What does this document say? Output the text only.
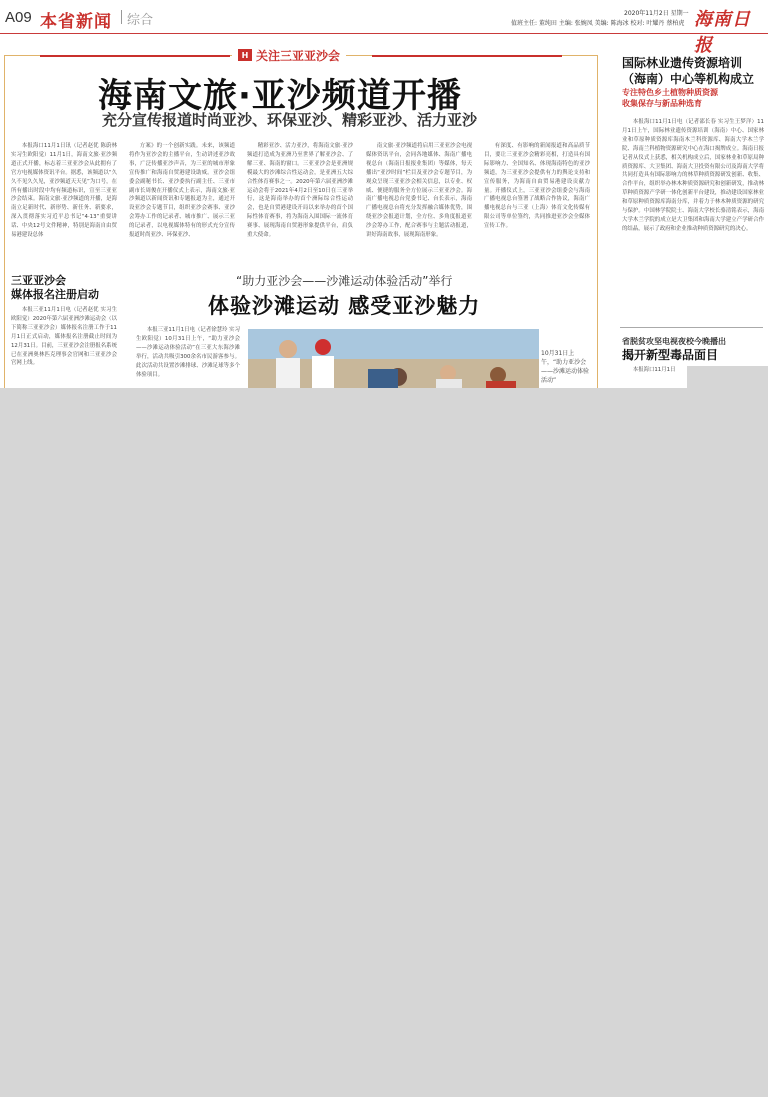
A09 本省新闻 综合	2020年11月2日 星期一
值班主任: 董纯田 主编: 张婉凤 美编: 陈海冰 校对: 叶耀丹 蔡柏虎 海南日报
H 关注三亚亚沙会
海南文旅·亚沙频道开播
充分宣传报道时尚亚沙、环保亚沙、精彩亚沙、活力亚沙

本报海口11月1日讯（记者赵优 陈蔚林 实习生欧阳觉）11月1日，海南文旅·亚沙频道正式开播，标志着三亚亚沙会从此拥有了官方电视媒体资讯平台。据悉，该频道以“久久不见久久见，亚沙频道天天见”为口号，在所有播出时段中均有频道标识，宣至三亚亚沙会结束。海南文旅·亚沙频道的开播，是海南立足新时代、新形势、新任务、新要求，深入贯彻落实习近平总书记“4·13”重要讲话、中央12号文件精神，特别是海南自由贸易港建设总体

方案》的一个创新实践。未来，该频道将作为亚沙会的主播平台，生动讲述亚沙故事，广泛传播亚沙声音，为三亚的城市形象宣传推广和海南自贸港建设助威。亚沙会组委会副秘书长、亚沙委执行副主任、三亚市副市长周俊在开播仪式上表示，海南文旅·亚沙频道以新闻资讯和专题报道为主，通过开设亚沙会专题节目，组织亚沙会赛事、亚沙会筹办工作的记录者、城市推广、展示三亚的记录者，以电视媒体特有的形式充分宣传报道时尚亚沙、环保亚沙、

精彩亚沙、活力亚沙，将海南文旅·亚沙频道打造成为亚洲乃至世界了解亚沙会、了解三亚、海南的窗口。三亚亚沙会是亚洲规模最大的沙滩综合性运动会，是亚洲五大综合性体育赛事之一。2020年第六届亚洲沙滩运动会将于2021年4月2日至10日在三亚举行，这是海南举办的首个洲际综合性运动会，也是自贸港建设开局以来举办的首个国际性体育赛事，将为海南入围国际一流体育赛事、展现海南自贸港形象提供平台，肩负重大使命。

南文旅·亚沙频道将启用三亚亚沙会电视媒体资讯平台，会同各地媒体、海南广播电视总台（海南日报报业集团）等媒体，每天播出“亚沙时间”栏目及亚沙会专题节目，为观众呈现三亚亚沙会相关信息，以专业、权威、便捷的服务全方位展示三亚亚沙会。海南广播电视总台党委书记、台长表示，海南广播电视总台将充分发挥融合媒体优势，围绕亚沙会报道计划，全方位、多角度报道亚沙会筹办工作，配合赛事与主题活动报道，讲好海南故事，展现海南形象。

有深度、有影响的新闻报道和高品质节目，要让三亚亚沙会精彩亮相，打造具有国际影响力、全国知名、体现海南特色的亚沙频道，为三亚亚沙会提供有力的舆论支持和宣传服务，为海南自由贸易港建设贡献力量。开播仪式上，三亚亚沙会组委会与海南广播电视总台签署了战略合作协议，海南广播电视总台与三亚（上海）体育文化传媒有限公司等单位签约，共同推进亚沙会全媒体宣传工作。

三亚亚沙会
媒体报名注册启动

本报三亚11月1日电（记者赵优 实习生欧阳觉）2020年第六届亚洲沙滩运动会（以下简称三亚亚沙会）媒体报名注册工作于11月1日正式启动，媒体报名注册截止时间为12月31日。目前，三亚亚沙会注册报名系统已在亚洲奥林匹克理事会官网和三亚亚沙会官网上线。

“助力亚沙会——沙滩运动体验活动”举行
体验沙滩运动 感受亚沙魅力

本报三亚11月1日电（记者徐慧玲 实习生欧阳觉）10月31日上午，“助力亚沙会——沙滩运动体验活动”在三亚大东海沙滩举行，活动共吸引300余名市民游客参与。此次活动共设置沙滩排球、沙滩足球等多个体验项目。

10月31日上午，“助力亚沙会——沙滩运动体验活动”
国际林业遗传资源培训
（海南）中心等机构成立
专注特色乡土植物种质资源
收集保存与新品种选育

本报海口11月1日电（记者邵长春 实习生王梦洋）11月1日上午，国际林业遗传资源培训（海南）中心、国家林业和草原种质资源库海南木兰科资源库、海南大学木兰学院、海南兰科植物资源研究中心在海口揭牌成立。海南日报记者从仪式上获悉，相关机构成立后，国家林业和草原局种质资源库、大卫集团、海南大卫投资有限公司及海南大学将共同打造具有国际影响力的林草种质资源研发创新、收集、合作平台，组织举办林木种质资源研究和创新研发，推动林草种质资源产学研一体化创新平台建设，推动建设国家林业和草原种质资源库海南分库，并着力于林木种质资源的研究与保护。中国林学院院士、海南大学校长骆清铭表示，海南大学木兰学院的成立是大卫集团和海南大学建立产学研合作的结晶，展示了政府和企业推动种质资源研究的决心。

省脱贫攻坚电视夜校今晚播出
揭开新型毒品面目

本报海口11月1日
